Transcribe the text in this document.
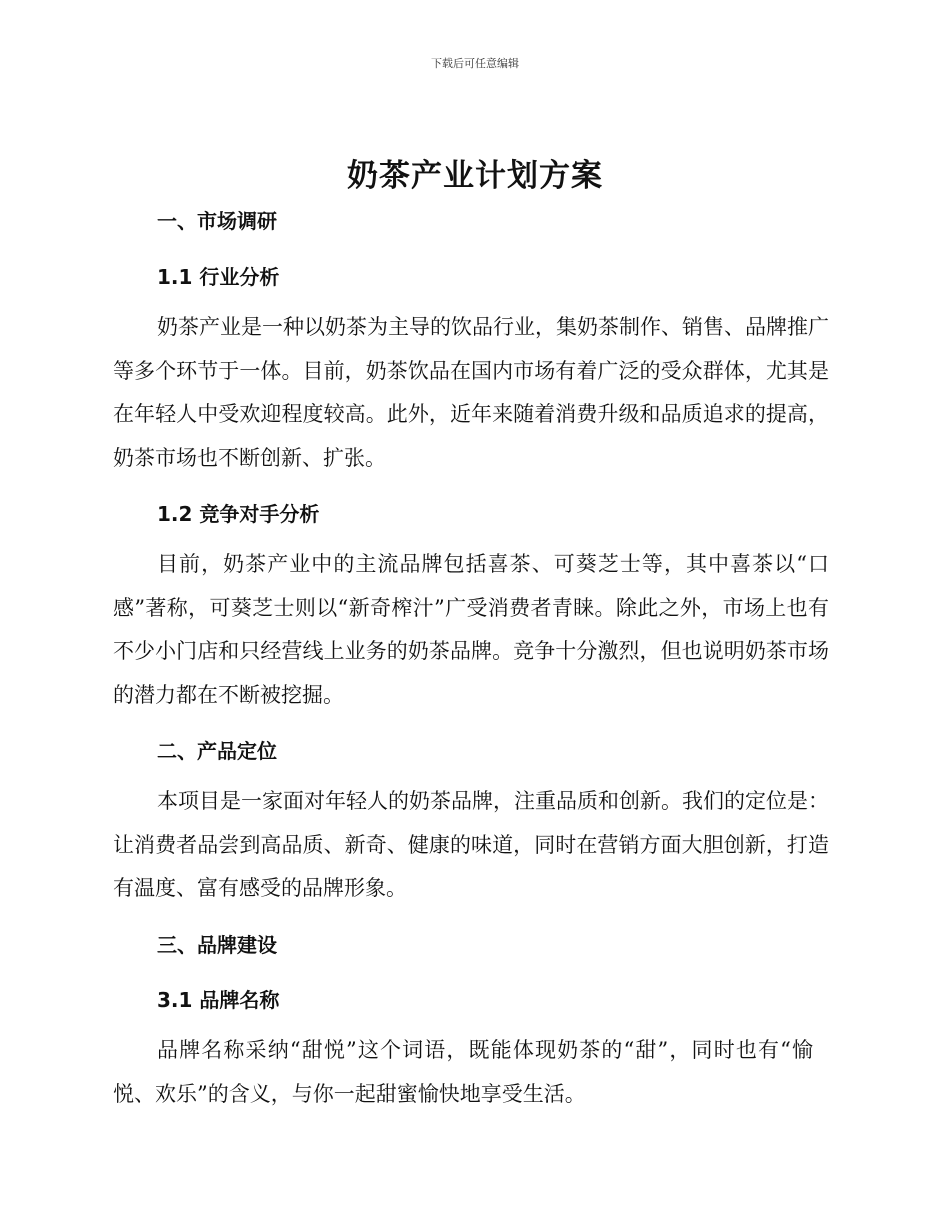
下载后可任意编辑
奶茶产业计划方案
一、市场调研
1.1 行业分析

奶茶产业是一种以奶茶为主导的饮品行业，集奶茶制作、销售、品牌推广等多个环节于一体。目前，奶茶饮品在国内市场有着广泛的受众群体，尤其是在年轻人中受欢迎程度较高。此外，近年来随着消费升级和品质追求的提高，奶茶市场也不断创新、扩张。

1.2 竞争对手分析

目前，奶茶产业中的主流品牌包括喜茶、可葵芝士等，其中喜茶以“口感”著称，可葵芝士则以“新奇榨汁”广受消费者青睐。除此之外，市场上也有不少小门店和只经营线上业务的奶茶品牌。竞争十分激烈，但也说明奶茶市场的潜力都在不断被挖掘。

二、产品定位

本项目是一家面对年轻人的奶茶品牌，注重品质和创新。我们的定位是：让消费者品尝到高品质、新奇、健康的味道，同时在营销方面大胆创新，打造有温度、富有感受的品牌形象。

三、品牌建设
3.1 品牌名称

品牌名称采纳“甜悦”这个词语，既能体现奶茶的“甜”，同时也有“愉悦、欢乐”的含义，与你一起甜蜜愉快地享受生活。
